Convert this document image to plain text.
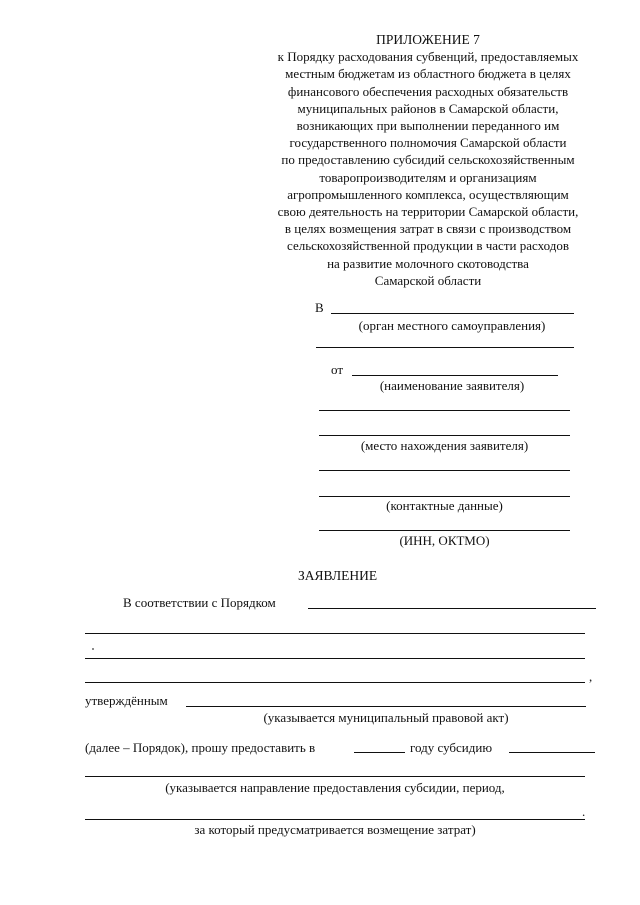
ПРИЛОЖЕНИЕ 7
к Порядку расходования субвенций, предоставляемых
местным бюджетам из областного бюджета в целях
финансового обеспечения расходных обязательств
муниципальных районов в Самарской области,
возникающих при выполнении переданного им
государственного полномочия Самарской области
по предоставлению субсидий сельскохозяйственным
товаропроизводителям и организациям
агропромышленного комплекса, осуществляющим
свою деятельность на территории Самарской области,
в целях возмещения затрат в связи с производством
сельскохозяйственной продукции в части расходов
на развитие молочного скотоводства
Самарской области
В
(орган местного самоуправления)
от
(наименование заявителя)
(место нахождения заявителя)
(контактные данные)
(ИНН, ОКТМО)
ЗАЯВЛЕНИЕ
В соответствии с Порядком
,
утверждённым
(указывается муниципальный правовой акт)
(далее – Порядок), прошу предоставить в	году субсидию
(указывается направление предоставления субсидии, период,
.
за который предусматривается возмещение затрат)
